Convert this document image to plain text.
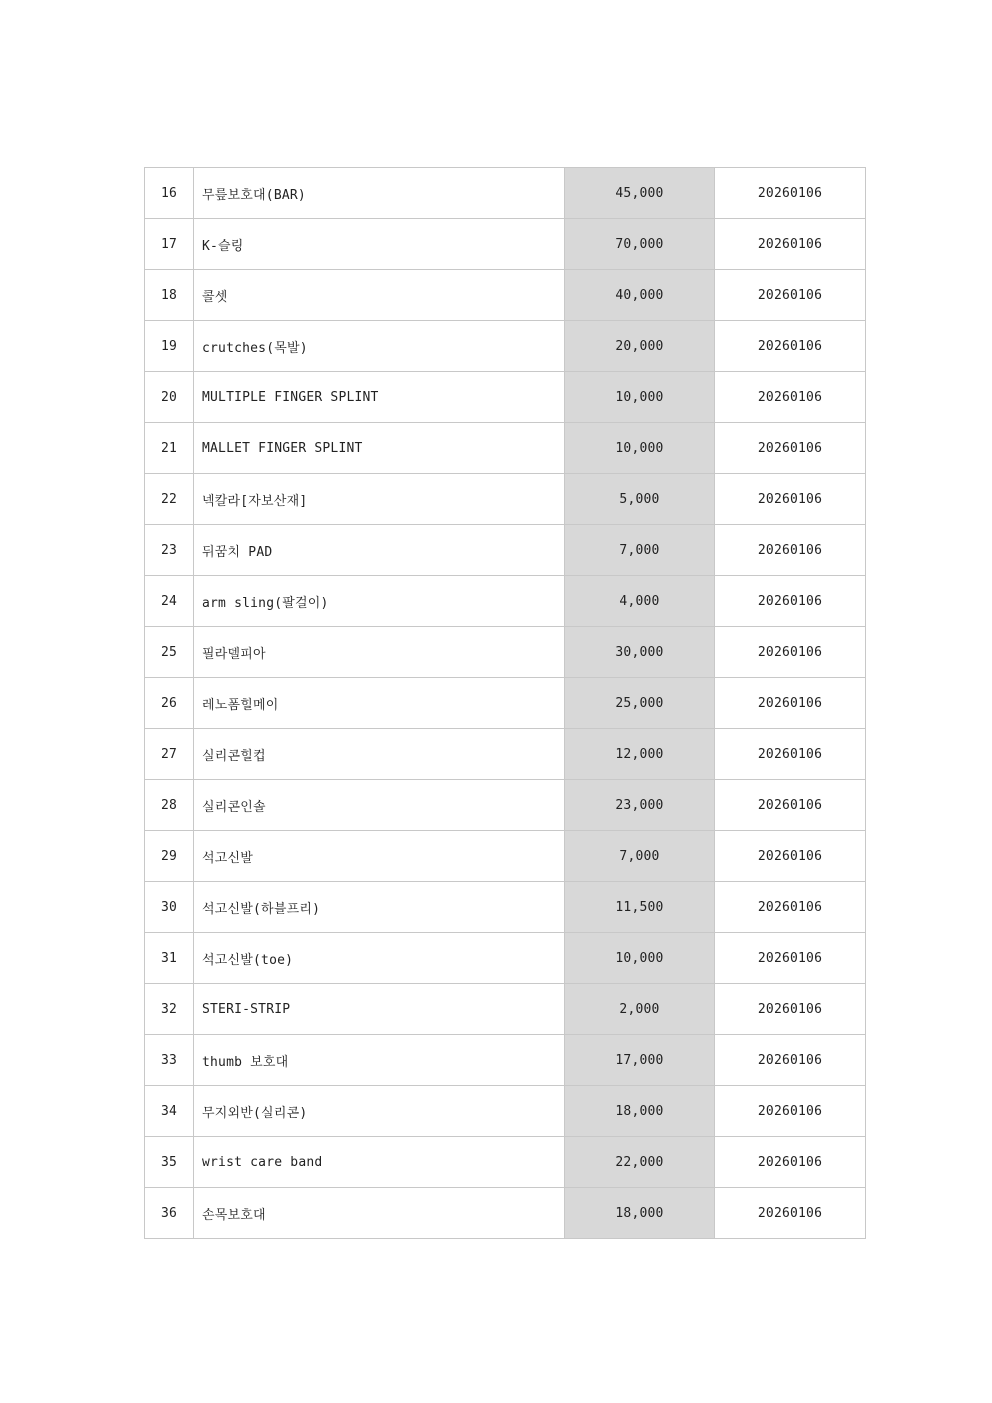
16	무릎보호대(BAR)	45,000	20260106
17	K-슬링	70,000	20260106
18	콜셋	40,000	20260106
19	crutches(목발)	20,000	20260106
20	MULTIPLE FINGER SPLINT	10,000	20260106
21	MALLET FINGER SPLINT	10,000	20260106
22	넥칼라[자보산재]	5,000	20260106
23	뒤꿈치 PAD	7,000	20260106
24	arm sling(팔걸이)	4,000	20260106
25	필라델피아	30,000	20260106
26	레노폼힐메이	25,000	20260106
27	실리콘힐컵	12,000	20260106
28	실리콘인솔	23,000	20260106
29	석고신발	7,000	20260106
30	석고신발(하블프리)	11,500	20260106
31	석고신발(toe)	10,000	20260106
32	STERI-STRIP	2,000	20260106
33	thumb 보호대	17,000	20260106
34	무지외반(실리콘)	18,000	20260106
35	wrist care band	22,000	20260106
36	손목보호대	18,000	20260106
